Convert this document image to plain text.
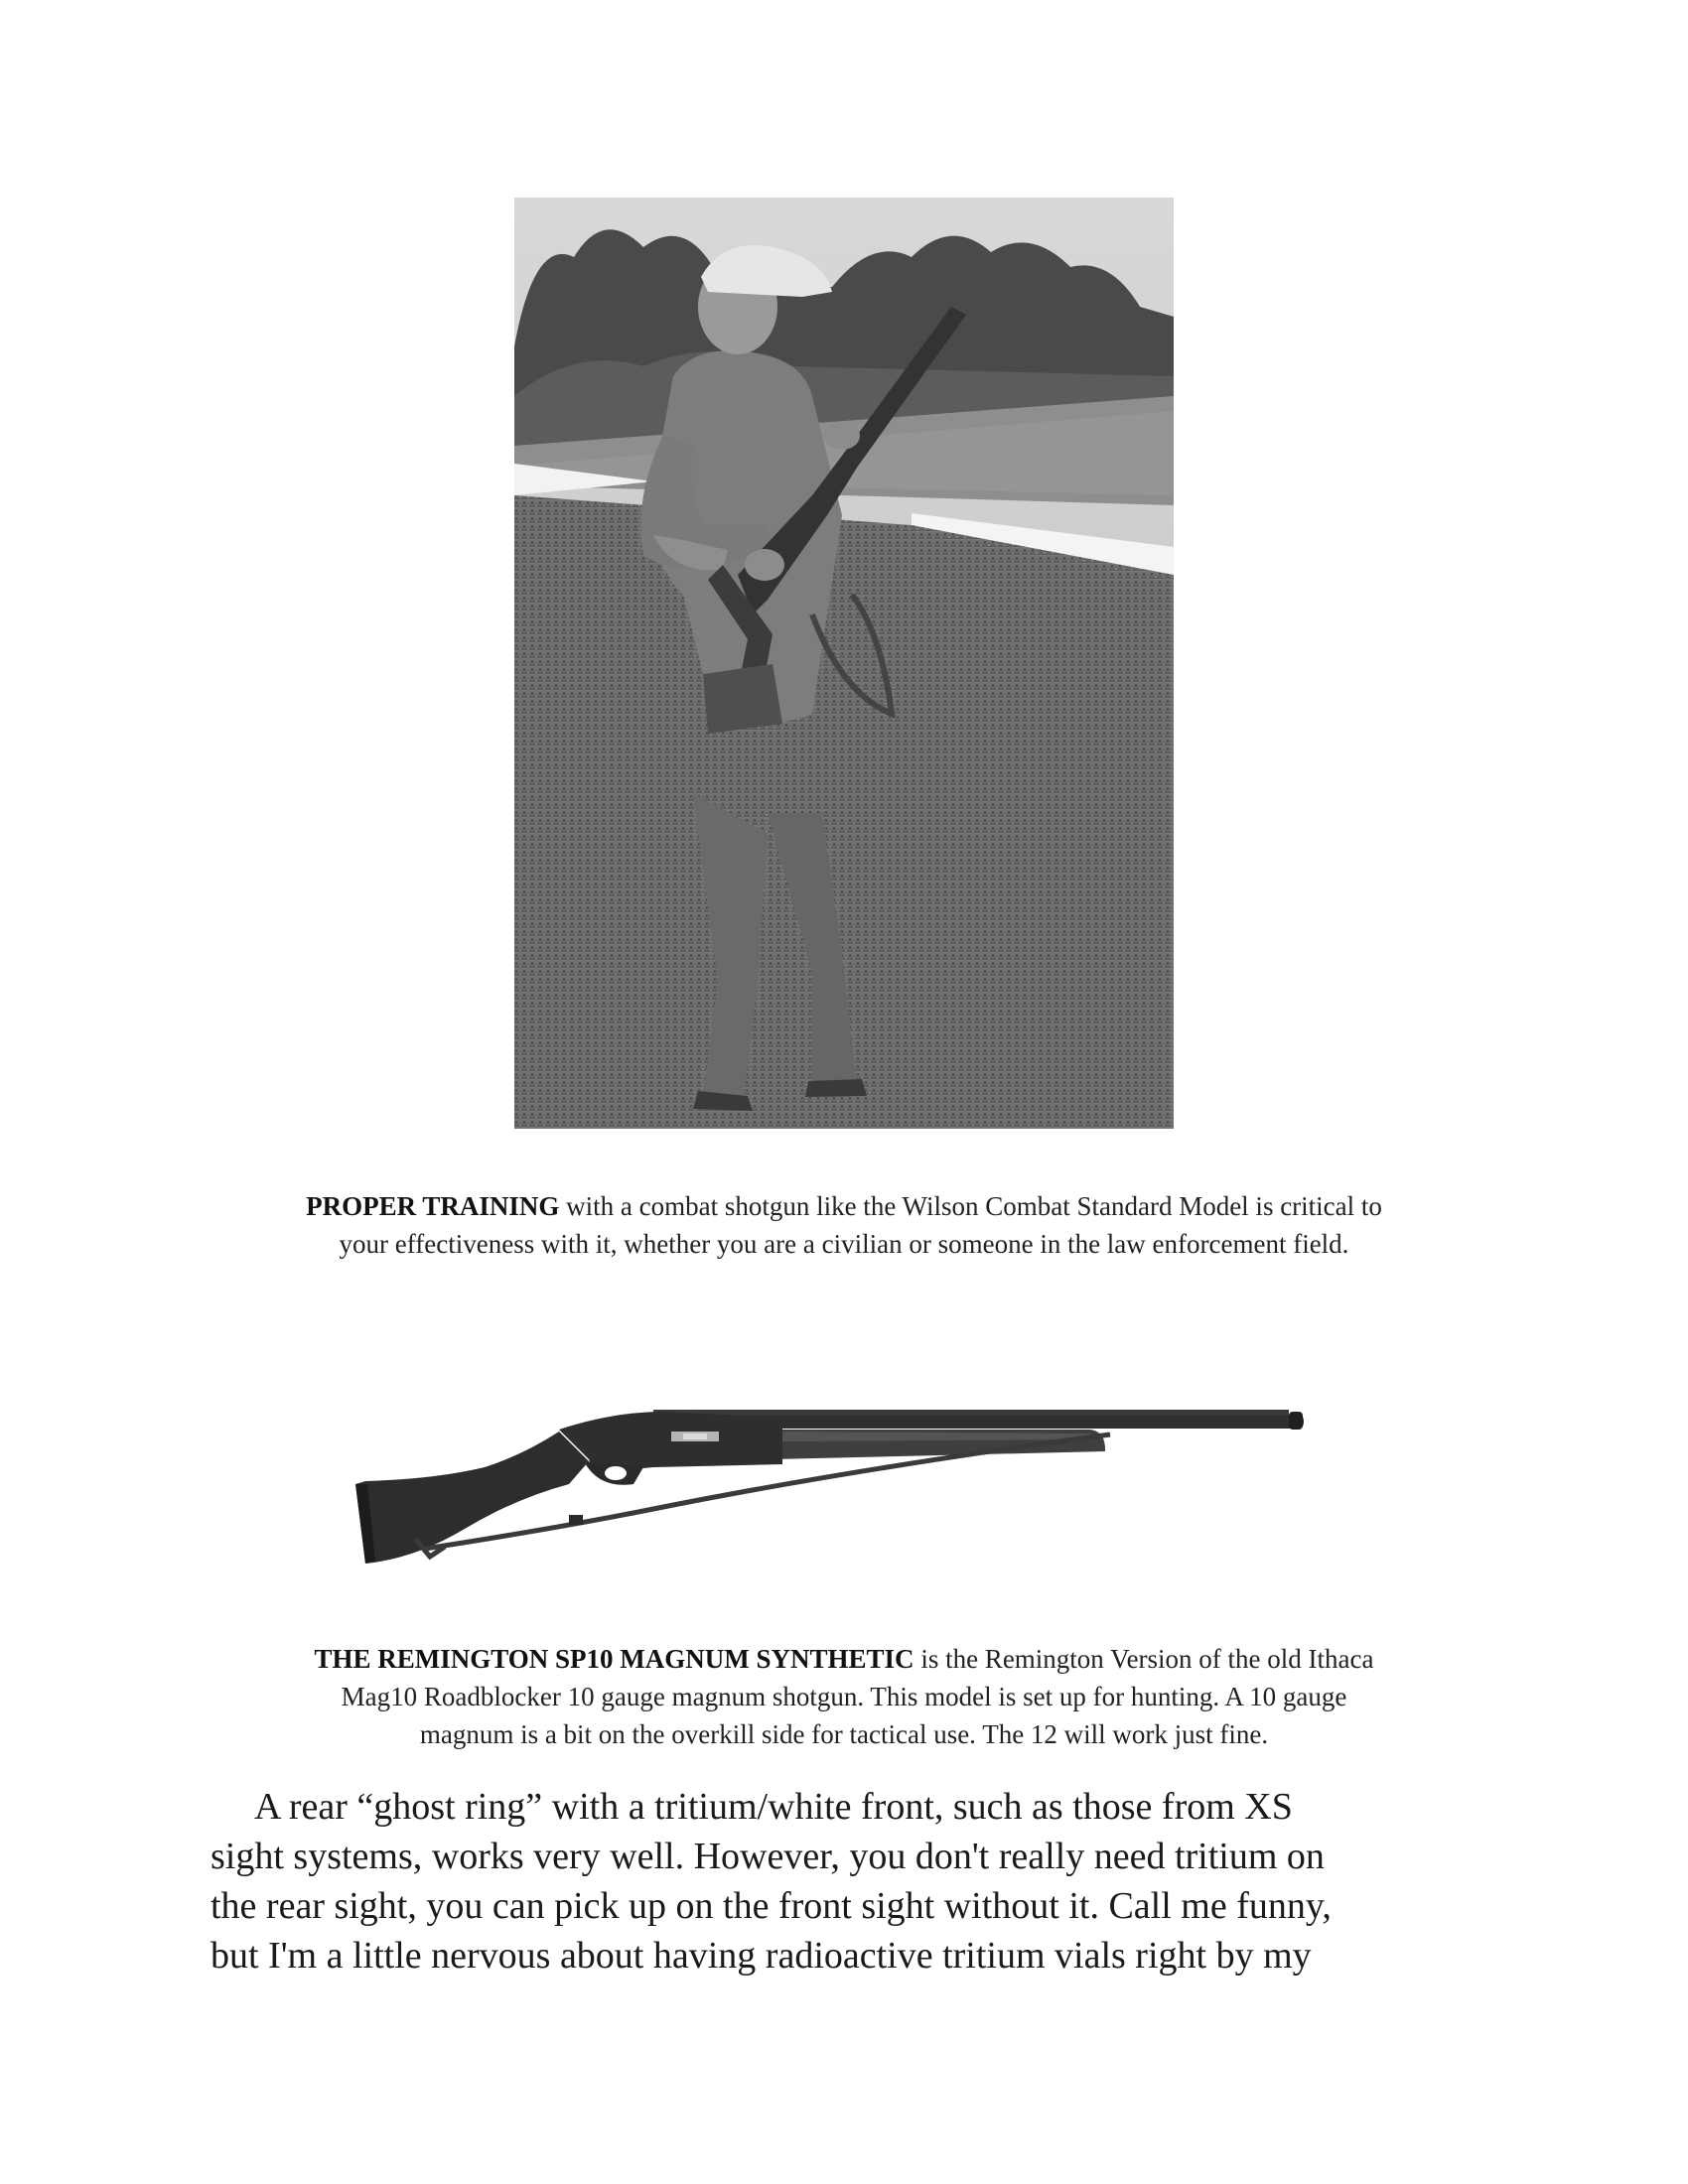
PROPER TRAINING with a combat shotgun like the Wilson Combat Standard Model is critical to
your effectiveness with it, whether you are a civilian or someone in the law enforcement field.
THE REMINGTON SP10 MAGNUM SYNTHETIC is the Remington Version of the old Ithaca
Mag10 Roadblocker 10 gauge magnum shotgun. This model is set up for hunting. A 10 gauge
magnum is a bit on the overkill side for tactical use. The 12 will work just fine.
A rear “ghost ring” with a tritium/white front, such as those from XS
sight systems, works very well. However, you don't really need tritium on
the rear sight, you can pick up on the front sight without it. Call me funny,
but I'm a little nervous about having radioactive tritium vials right by my
